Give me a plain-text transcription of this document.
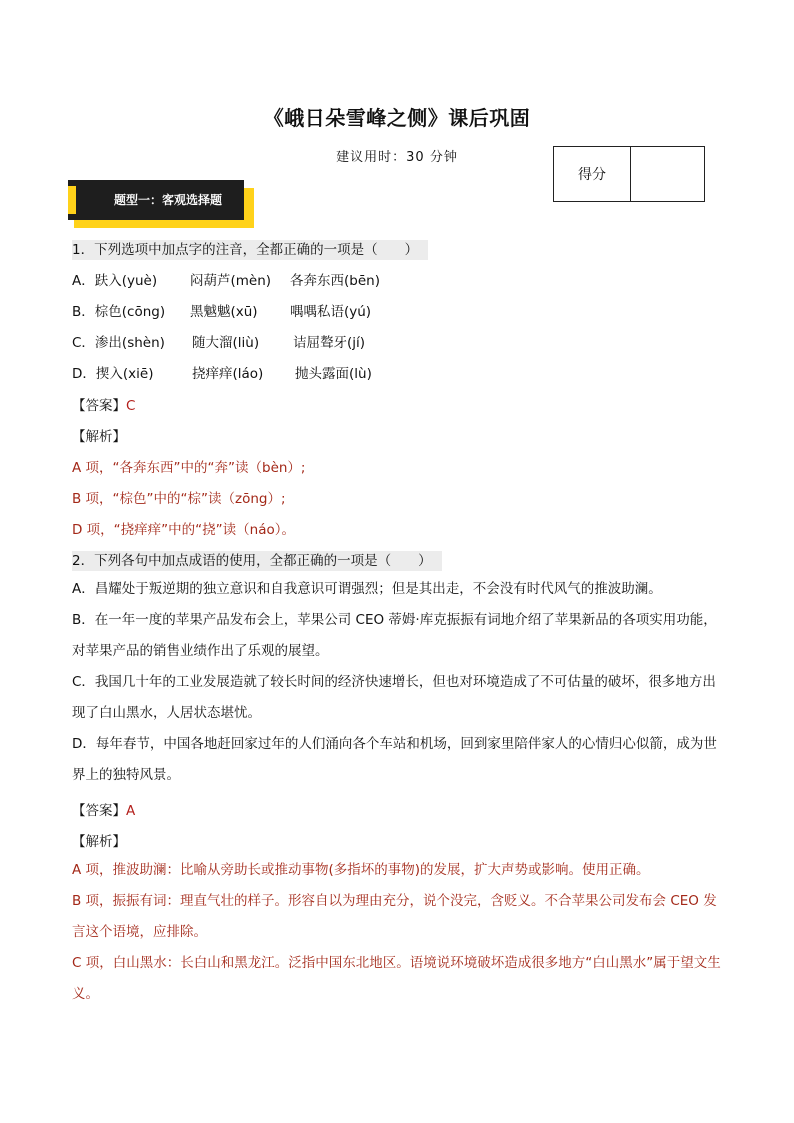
《峨日朵雪峰之侧》课后巩固
建议用时：30 分钟
得分
题型一：客观选择题
1．下列选项中加点字的注音，全都正确的一项是（　　）
A．趺入(yuè) 闷葫芦(mèn) 各奔东西(bēn)
B．棕色(cōng) 黑魆魆(xū) 喁喁私语(yú)
C．渗出(shèn) 随大溜(liù)	诘屈聱牙(jí)
D．揳入(xiē)	挠痒痒(láo) 抛头露面(lù)
【答案】C
【解析】
A 项，“各奔东西”中的“奔”读（bèn）;
B 项，“棕色”中的“棕”读（zōng）;
D 项，“挠痒痒”中的“挠”读（náo）。
2．下列各句中加点成语的使用，全都正确的一项是（　　）
A．昌耀处于叛逆期的独立意识和自我意识可谓强烈；但是其出走，不会没有时代风气的推波助澜。
B．在一年一度的苹果产品发布会上，苹果公司 CEO 蒂姆·库克振振有词地介绍了苹果新品的各项实用功能，对苹果产品的销售业绩作出了乐观的展望。
C．我国几十年的工业发展造就了较长时间的经济快速增长，但也对环境造成了不可估量的破坏，很多地方出现了白山黑水，人居状态堪忧。
D．每年春节，中国各地赶回家过年的人们涌向各个车站和机场，回到家里陪伴家人的心情归心似箭，成为世界上的独特风景。
【答案】A
【解析】
A 项，推波助澜：比喻从旁助长或推动事物(多指坏的事物)的发展，扩大声势或影响。使用正确。
B 项，振振有词：理直气壮的样子。形容自以为理由充分，说个没完，含贬义。不合苹果公司发布会 CEO 发言这个语境，应排除。
C 项，白山黑水：长白山和黑龙江。泛指中国东北地区。语境说环境破坏造成很多地方“白山黑水”属于望文生义。
